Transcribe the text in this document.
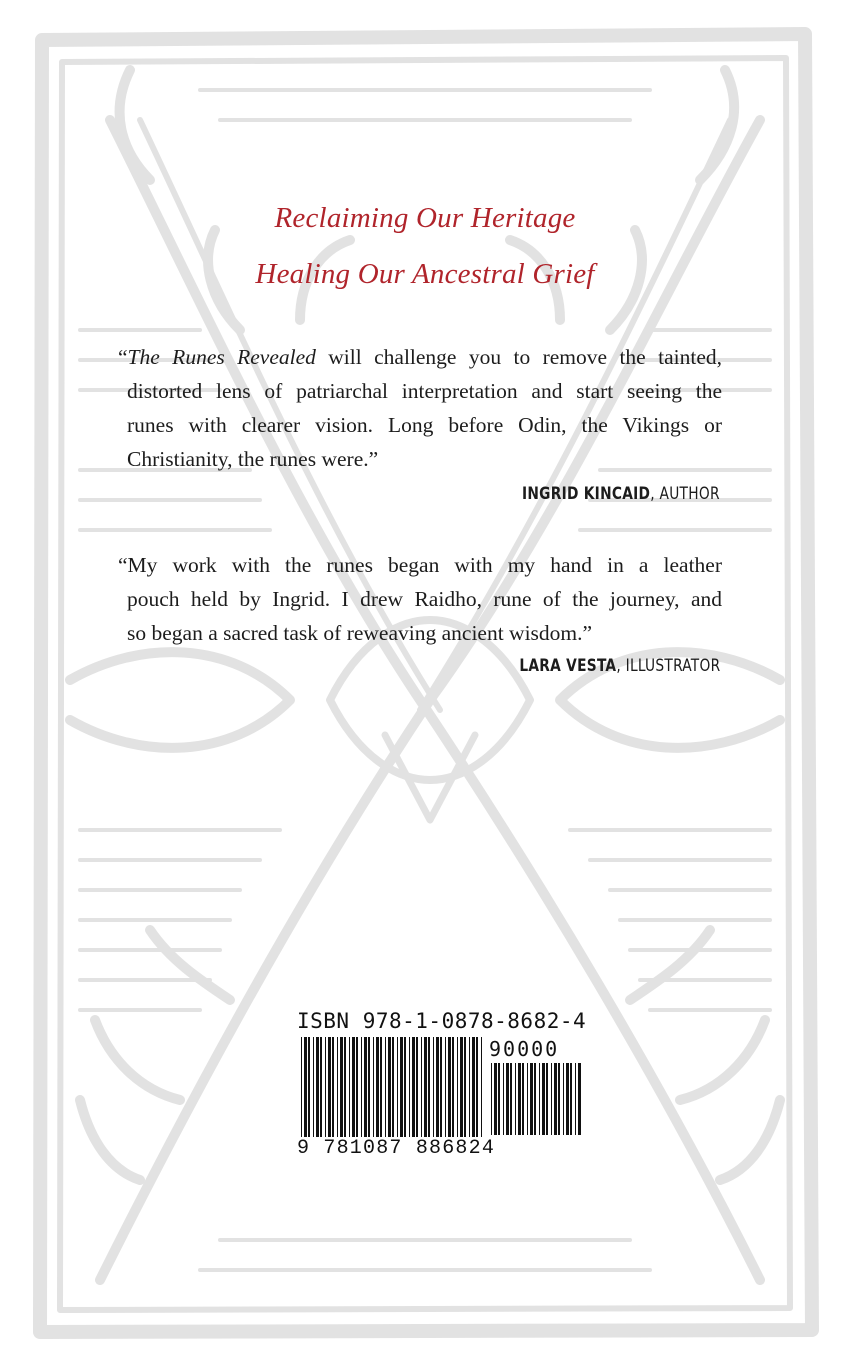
Reclaiming Our Heritage
Healing Our Ancestral Grief
“The Runes Revealed will challenge you to remove the tainted,
distorted lens of patriarchal interpretation and start seeing the
runes with clearer vision. Long before Odin, the Vikings or
Christianity, the runes were.”
INGRID KINCAID, AUTHOR
“My work with the runes began with my hand in a leather
pouch held by Ingrid. I drew Raidho, rune of the journey, and
so began a sacred task of reweaving ancient wisdom.”
LARA VESTA, ILLUSTRATOR
ISBN 978-1-0878-8682-4
90000
9 781087 886824
